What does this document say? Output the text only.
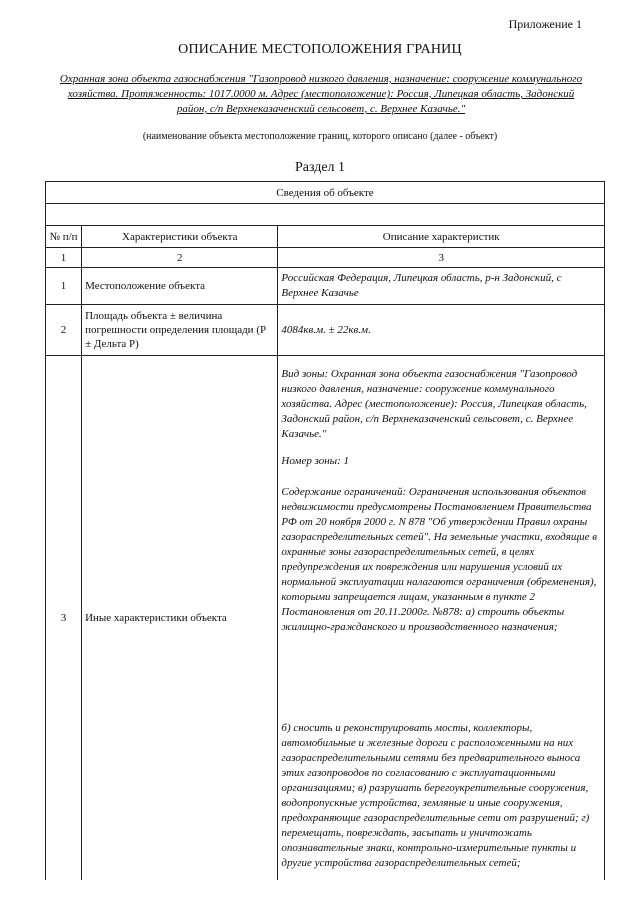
Приложение 1
ОПИСАНИЕ МЕСТОПОЛОЖЕНИЯ ГРАНИЦ
Охранная зона объекта газоснабжения "Газопровод низкого давления, назначение: сооружение коммунального хозяйства. Протяженность: 1017.0000 м. Адрес (местоположение): Россия, Липецкая область, Задонский район, с/п Верхнеказаченский сельсовет, с. Верхнее Казачье."
(наименование объекта местоположение границ, которого описано (далее - объект)
Раздел 1
Сведения об объекте		

№ п/п	Характеристики объекта	Описание характеристик
1	2	3
1	Местоположение объекта	Российская Федерация, Липецкая область, р-н Задонский, с Верхнее Казачье
2	Площадь объекта ± величина погрешности определения площади (Р ± Дельта Р)	4084кв.м. ± 22кв.м.
3	Иные характеристики объекта	Вид зоны: Охранная зона объекта газоснабжения "Газопровод низкого давления, назначение: сооружение коммунального хозяйства. Адрес (местоположение): Россия, Липецкая область, Задонский район, с/п Верхнеказаченский сельсовет, с. Верхнее Казачье."

Номер зоны: 1

Содержание ограничений: Ограничения использования объектов недвижимости предусмотрены Постановлением Правительства РФ от 20 ноября 2000 г. N 878 "Об утверждении Правил охраны газораспределительных сетей". На земельные участки, входящие в охранные зоны газораспределительных сетей, в целях предупреждения их повреждения или нарушения условий их нормальной эксплуатации налагаются ограничения (обременения), которыми запрещается лицам, указанным в пункте 2 Постановления от 20.11.2000г. №878: а) строить объекты жилищно-гражданского и производственного назначения;

б) сносить и реконструировать мосты, коллекторы, автомобильные и железные дороги с расположенными на них газораспределительными сетями без предварительного выноса этих газопроводов по согласованию с эксплуатационными организациями; в) разрушать берегоукрепительные сооружения, водопропускные устройства, земляные и иные сооружения, предохраняющие газораспределительные сети от разрушений; г) перемещать, повреждать, засыпать и уничтожать опознавательные знаки, контрольно-измерительные пункты и другие устройства газораспределительных сетей;
